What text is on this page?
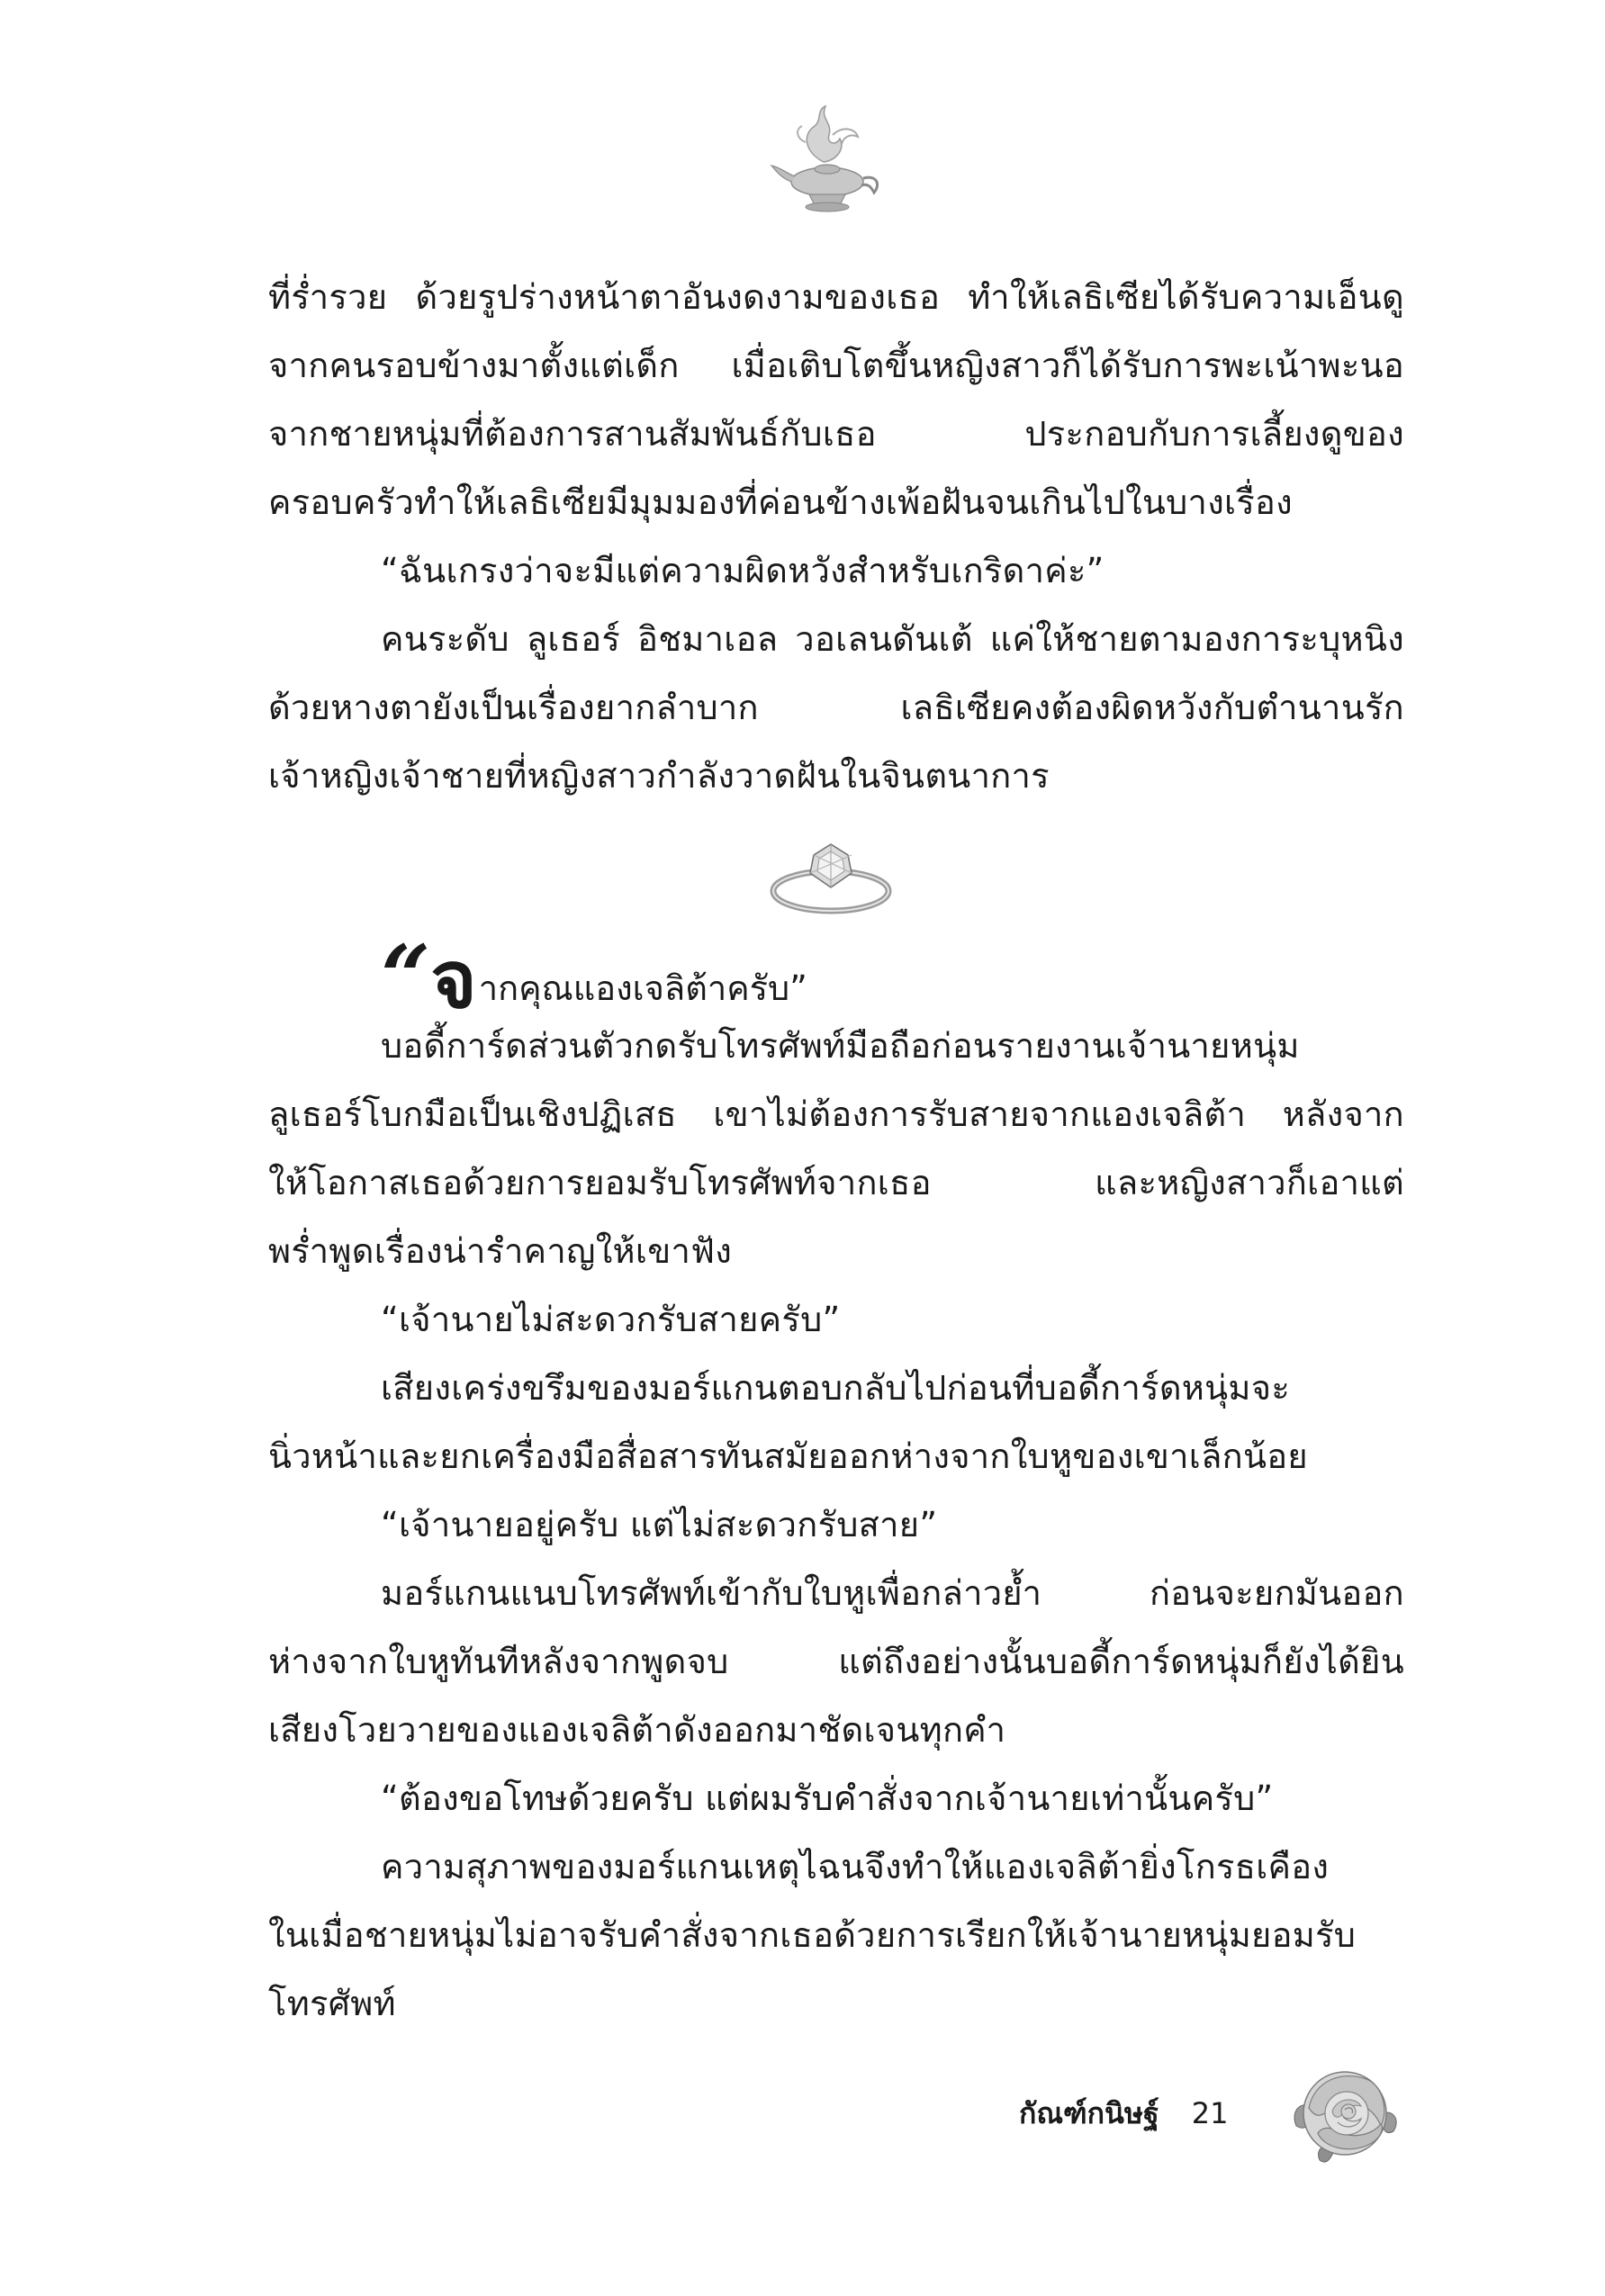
ที่ร่ำรวย ด้วยรูปร่างหน้าตาอันงดงามของเธอ ทำให้เลธิเซียได้รับความเอ็นดู
จากคนรอบข้างมาตั้งแต่เด็ก เมื่อเติบโตขึ้นหญิงสาวก็ได้รับการพะเน้าพะนอ
จากชายหนุ่มที่ต้องการสานสัมพันธ์กับเธอ ประกอบกับการเลี้ยงดูของ
ครอบครัวทำให้เลธิเซียมีมุมมองที่ค่อนข้างเพ้อฝันจนเกินไปในบางเรื่อง
“ฉันเกรงว่าจะมีแต่ความผิดหวังสำหรับเกริดาค่ะ”
คนระดับ ลูเธอร์ อิชมาเอล วอเลนดันเต้ แค่ให้ชายตามองการะบุหนิง
ด้วยหางตายังเป็นเรื่องยากลำบาก เลธิเซียคงต้องผิดหวังกับตำนานรัก
เจ้าหญิงเจ้าชายที่หญิงสาวกำลังวาดฝันในจินตนาการ
“จากคุณแองเจลิต้าครับ”
บอดี้การ์ดส่วนตัวกดรับโทรศัพท์มือถือก่อนรายงานเจ้านายหนุ่ม
ลูเธอร์โบกมือเป็นเชิงปฏิเสธ เขาไม่ต้องการรับสายจากแองเจลิต้า หลังจาก
ให้โอกาสเธอด้วยการยอมรับโทรศัพท์จากเธอ และหญิงสาวก็เอาแต่
พร่ำพูดเรื่องน่ารำคาญให้เขาฟัง
“เจ้านายไม่สะดวกรับสายครับ”
เสียงเคร่งขรึมของมอร์แกนตอบกลับไปก่อนที่บอดี้การ์ดหนุ่มจะ
นิ่วหน้าและยกเครื่องมือสื่อสารทันสมัยออกห่างจากใบหูของเขาเล็กน้อย
“เจ้านายอยู่ครับ แต่ไม่สะดวกรับสาย”
มอร์แกนแนบโทรศัพท์เข้ากับใบหูเพื่อกล่าวย้ำ ก่อนจะยกมันออก
ห่างจากใบหูทันทีหลังจากพูดจบ แต่ถึงอย่างนั้นบอดี้การ์ดหนุ่มก็ยังได้ยิน
เสียงโวยวายของแองเจลิต้าดังออกมาชัดเจนทุกคำ
“ต้องขอโทษด้วยครับ แต่ผมรับคำสั่งจากเจ้านายเท่านั้นครับ”
ความสุภาพของมอร์แกนเหตุไฉนจึงทำให้แองเจลิต้ายิ่งโกรธเคือง
ในเมื่อชายหนุ่มไม่อาจรับคำสั่งจากเธอด้วยการเรียกให้เจ้านายหนุ่มยอมรับ
โทรศัพท์
กัณฑ์กนิษฐ์ 21
